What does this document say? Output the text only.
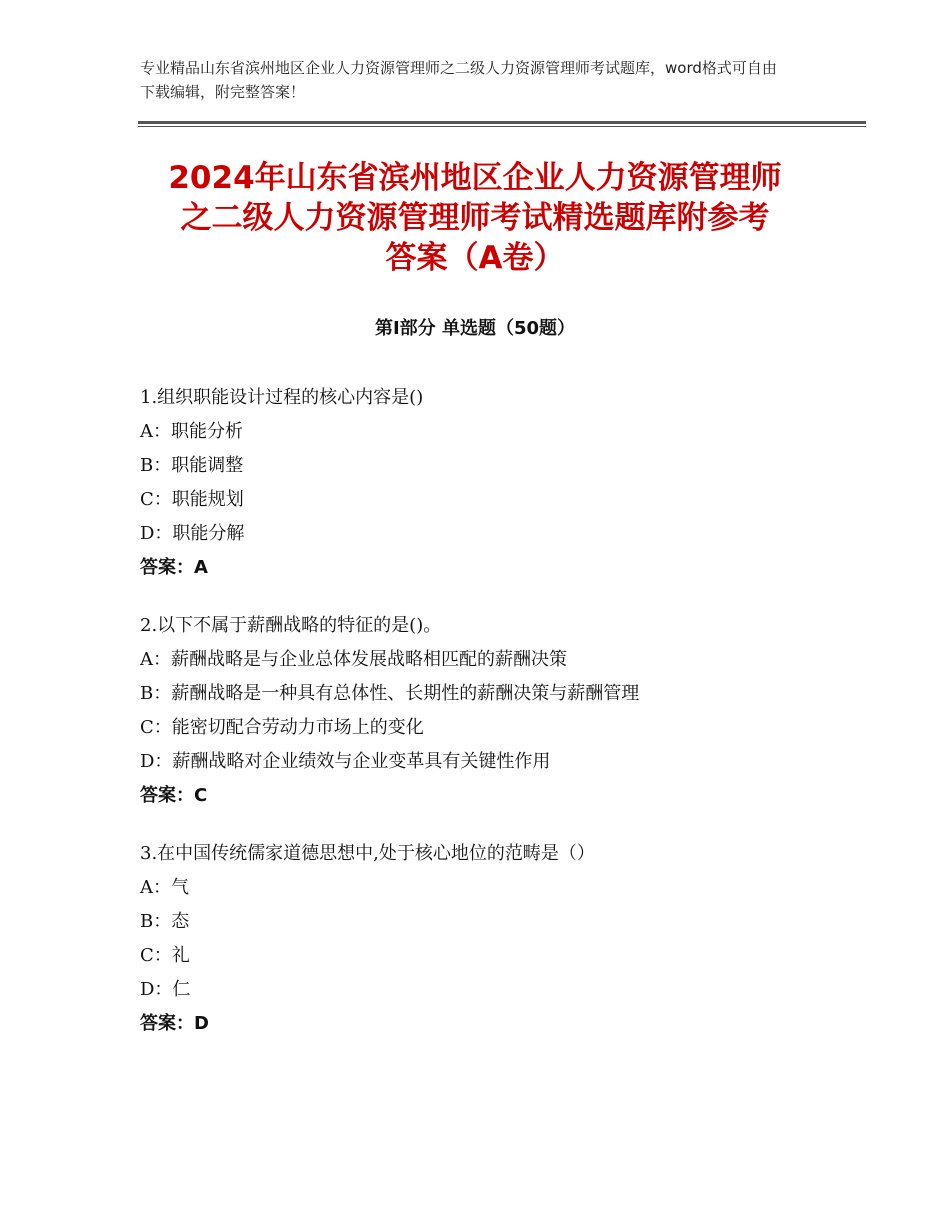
专业精品山东省滨州地区企业人力资源管理师之二级人力资源管理师考试题库，word格式可自由下载编辑，附完整答案！
2024年山东省滨州地区企业人力资源管理师
之二级人力资源管理师考试精选题库附参考
答案（A卷）
第Ⅰ部分 单选题（50题）
1.组织职能设计过程的核心内容是()
A：职能分析
B：职能调整
C：职能规划
D：职能分解
答案：A
2.以下不属于薪酬战略的特征的是()。
A：薪酬战略是与企业总体发展战略相匹配的薪酬决策
B：薪酬战略是一种具有总体性、长期性的薪酬决策与薪酬管理
C：能密切配合劳动力市场上的变化
D：薪酬战略对企业绩效与企业变革具有关键性作用
答案：C
3.在中国传统儒家道德思想中,处于核心地位的范畴是（）
A：气
B：态
C：礼
D：仁
答案：D
